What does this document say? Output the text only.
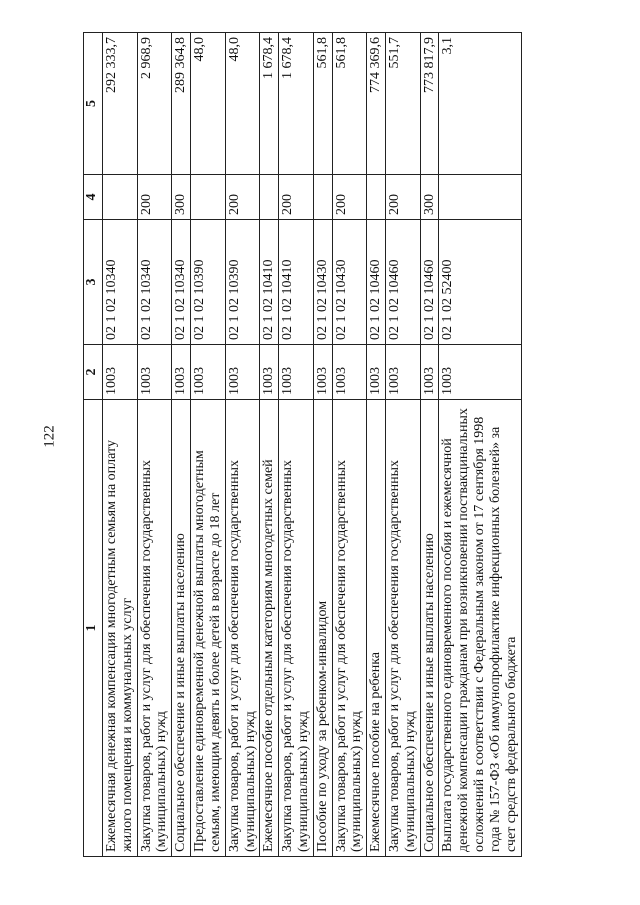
122
1	2	3	4	5
Ежемесячная денежная компенсация многодетным семьям на оплату жилого помещения и коммунальных услуг	1003	02 1 02 10340		292 333,7
Закупка товаров, работ и услуг для обеспечения государственных (муниципальных) нужд	1003	02 1 02 10340	200	2 968,9
Социальное обеспечение и иные выплаты населению	1003	02 1 02 10340	300	289 364,8
Предоставление единовременной денежной выплаты многодетным семьям, имеющим девять и более детей в возрасте до 18 лет	1003	02 1 02 10390		48,0
Закупка товаров, работ и услуг для обеспечения государственных (муниципальных) нужд	1003	02 1 02 10390	200	48,0
Ежемесячное пособие отдельным категориям многодетных семей	1003	02 1 02 10410		1 678,4
Закупка товаров, работ и услуг для обеспечения государственных (муниципальных) нужд	1003	02 1 02 10410	200	1 678,4
Пособие по уходу за ребенком-инвалидом	1003	02 1 02 10430		561,8
Закупка товаров, работ и услуг для обеспечения государственных (муниципальных) нужд	1003	02 1 02 10430	200	561,8
Ежемесячное пособие на ребенка	1003	02 1 02 10460		774 369,6
Закупка товаров, работ и услуг для обеспечения государственных (муниципальных) нужд	1003	02 1 02 10460	200	551,7
Социальное обеспечение и иные выплаты населению	1003	02 1 02 10460	300	773 817,9
Выплата государственного единовременного пособия и ежемесячной денежной компенсации гражданам при возникновении поствакцинальных осложнений в соответствии с Федеральным законом от 17 сентября 1998 года № 157-ФЗ «Об иммунопрофилактике инфекционных болезней» за счет средств федерального бюджета	1003	02 1 02 52400		3,1
